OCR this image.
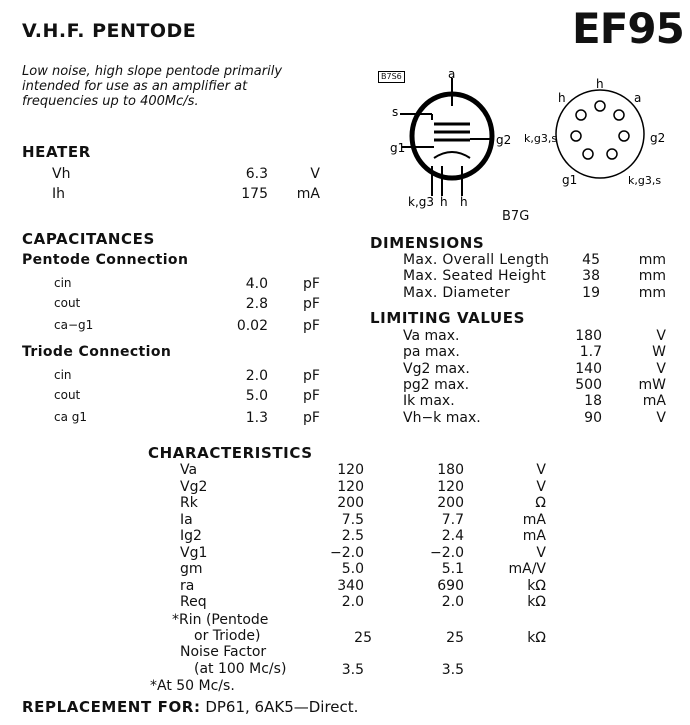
V.H.F. PENTODE	EF95
Low noise, high slope pentode primarily intended for use as an amplifier at frequencies up to 400Mc/s.
HEATER
Vh	6.3	V
Ih	175	mA
CAPACITANCES
Pentode Connection
cin	4.0	pF
cout	2.8	pF
ca−g1	0.02	pF
Triode Connection
cin	2.0	pF
cout	5.0	pF
ca g1	1.3	pF
B7S6	a
s
g1
g2
k,g3 h h
h
h	a
g2
k,g3,s
g1	k,g3,s
B7G
DIMENSIONS
Max. Overall Length	45	mm
Max. Seated Height	38	mm
Max. Diameter	19	mm
LIMITING VALUES
Va max.	180	V
pa max.	1.7	W
Vg2 max.	140	V
pg2 max.	500	mW
Ik max.	18	mA
Vh−k max.	90	V
CHARACTERISTICS
Va	120	180	V
Vg2	120	120	V
Rk	200	200	Ω
Ia	7.5	7.7	mA
Ig2	2.5	2.4	mA
Vg1	−2.0	−2.0	V
gm	5.0	5.1	mA/V
ra	340	690	kΩ
Req	2.0	2.0	kΩ
*Rin (Pentode
or Triode)	25	25	kΩ
Noise Factor
(at 100 Mc/s)	3.5	3.5
*At 50 Mc/s.
REPLACEMENT FOR: DP61, 6AK5—Direct.
